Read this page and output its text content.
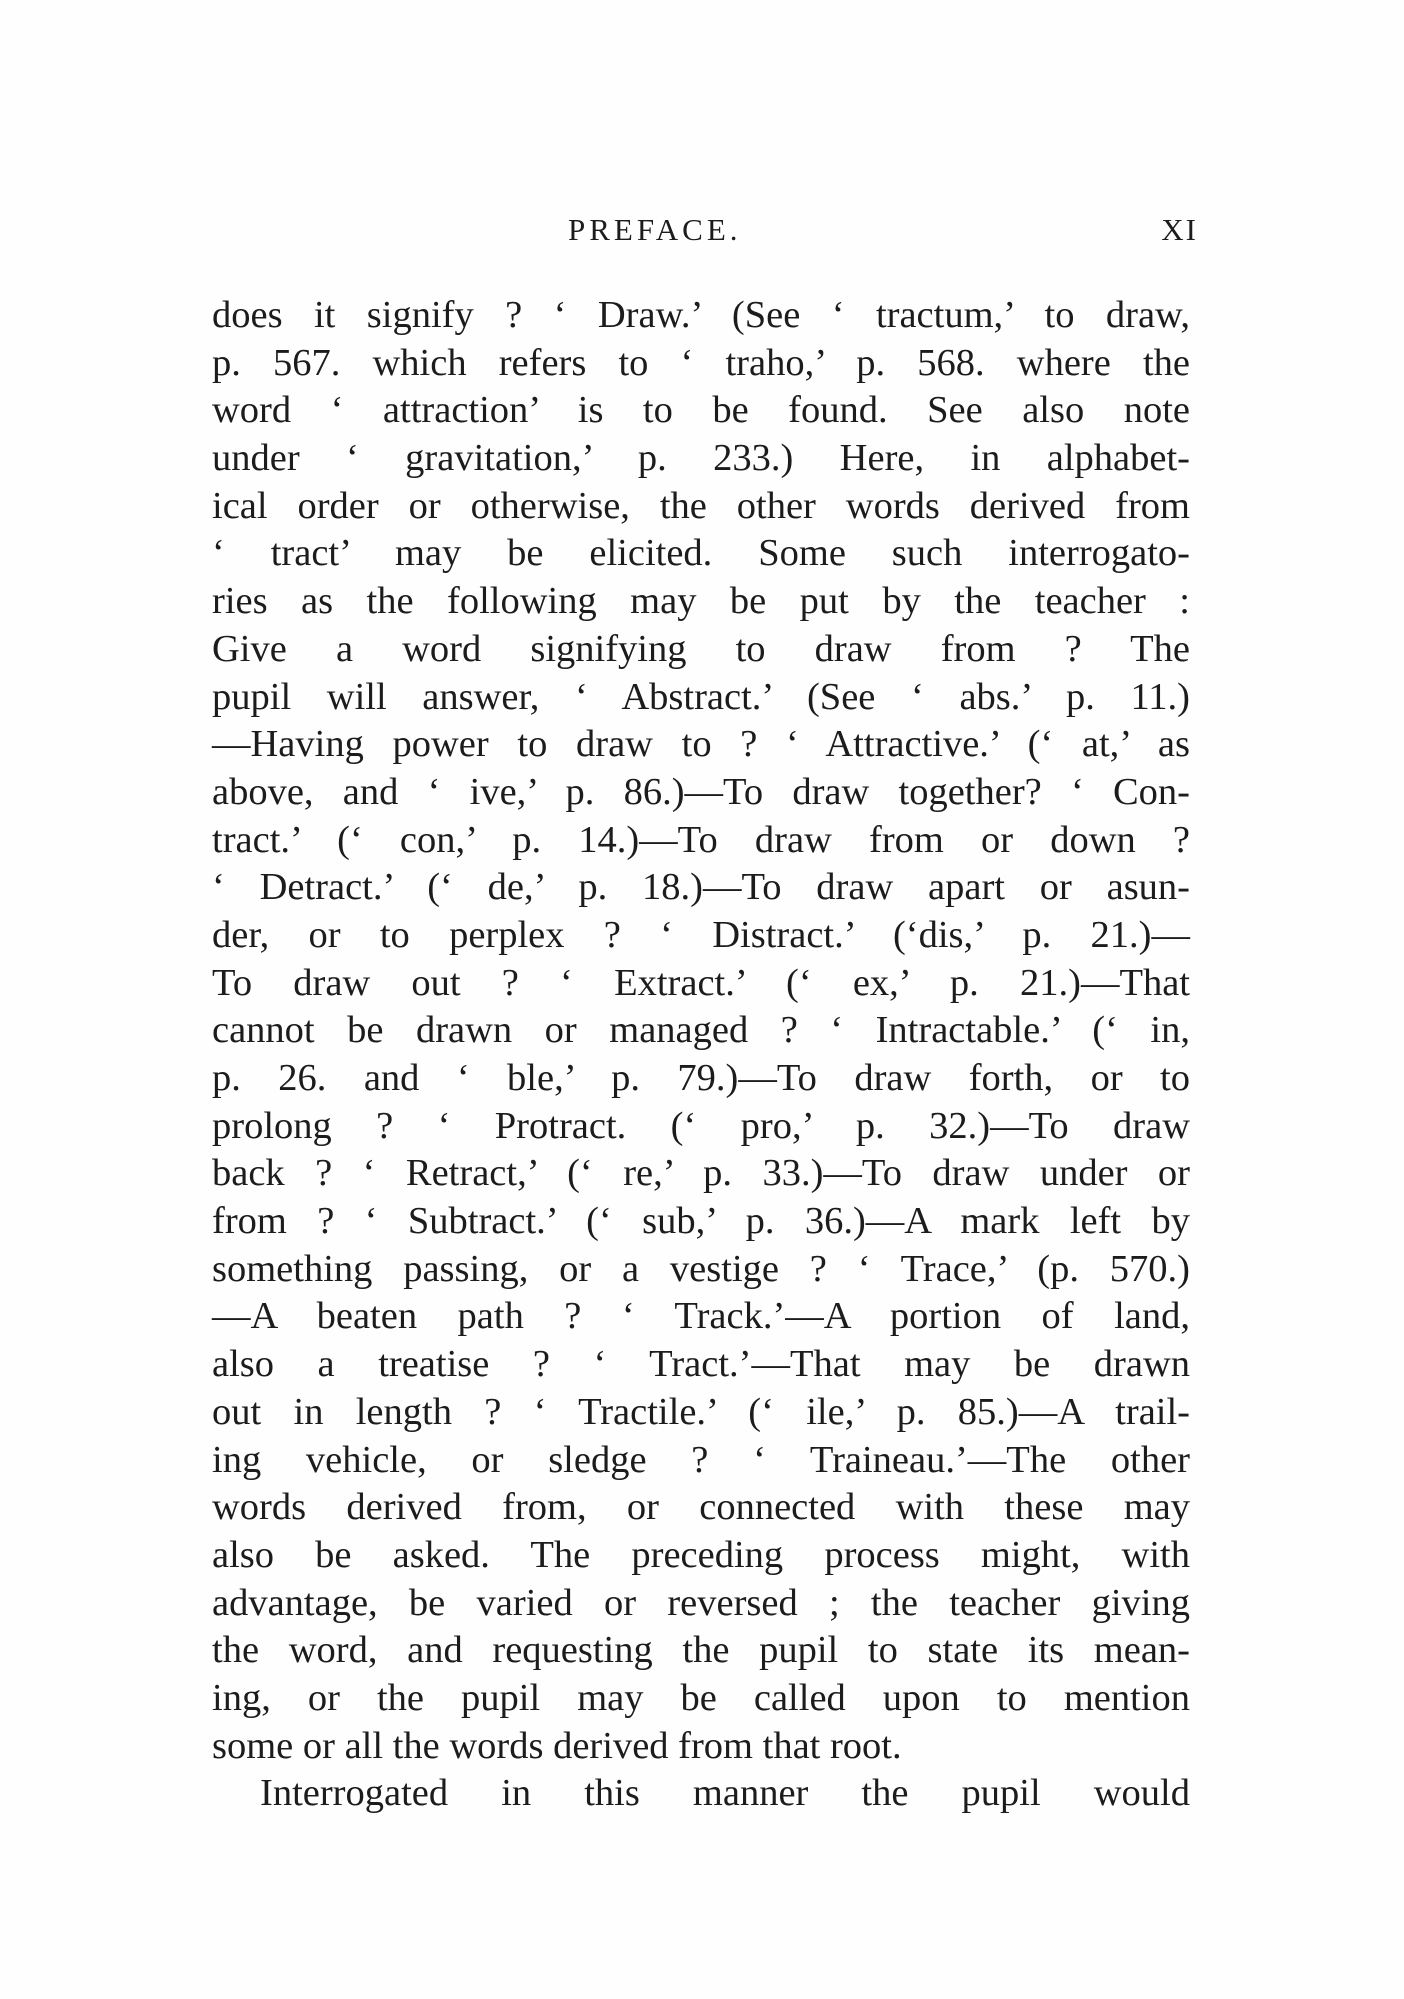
PREFACE.	XI
does it signify ? ‘ Draw.’ (See ‘ tractum,’ to draw,
p. 567. which refers to ‘ traho,’ p. 568. where the
word ‘ attraction’ is to be found. See also note
under ‘ gravitation,’ p. 233.) Here, in alphabet-
ical order or otherwise, the other words derived from
‘ tract’ may be elicited. Some such interrogato-
ries as the following may be put by the teacher :
Give a word signifying to draw from ? The
pupil will answer, ‘ Abstract.’ (See ‘ abs.’ p. 11.)
—Having power to draw to ? ‘ Attractive.’ (‘ at,’ as
above, and ‘ ive,’ p. 86.)—To draw together? ‘ Con-
tract.’ (‘ con,’ p. 14.)—To draw from or down ?
‘ Detract.’ (‘ de,’ p. 18.)—To draw apart or asun-
der, or to perplex ? ‘ Distract.’ (‘dis,’ p. 21.)—
To draw out ? ‘ Extract.’ (‘ ex,’ p. 21.)—That
cannot be drawn or managed ? ‘ Intractable.’ (‘ in,
p. 26. and ‘ ble,’ p. 79.)—To draw forth, or to
prolong ? ‘ Protract. (‘ pro,’ p. 32.)—To draw
back ? ‘ Retract,’ (‘ re,’ p. 33.)—To draw under or
from ? ‘ Subtract.’ (‘ sub,’ p. 36.)—A mark left by
something passing, or a vestige ? ‘ Trace,’ (p. 570.)
—A beaten path ? ‘ Track.’—A portion of land,
also a treatise ? ‘ Tract.’—That may be drawn
out in length ? ‘ Tractile.’ (‘ ile,’ p. 85.)—A trail-
ing vehicle, or sledge ? ‘ Traineau.’—The other
words derived from, or connected with these may
also be asked. The preceding process might, with
advantage, be varied or reversed ; the teacher giving
the word, and requesting the pupil to state its mean-
ing, or the pupil may be called upon to mention
some or all the words derived from that root.
Interrogated in this manner the pupil would
